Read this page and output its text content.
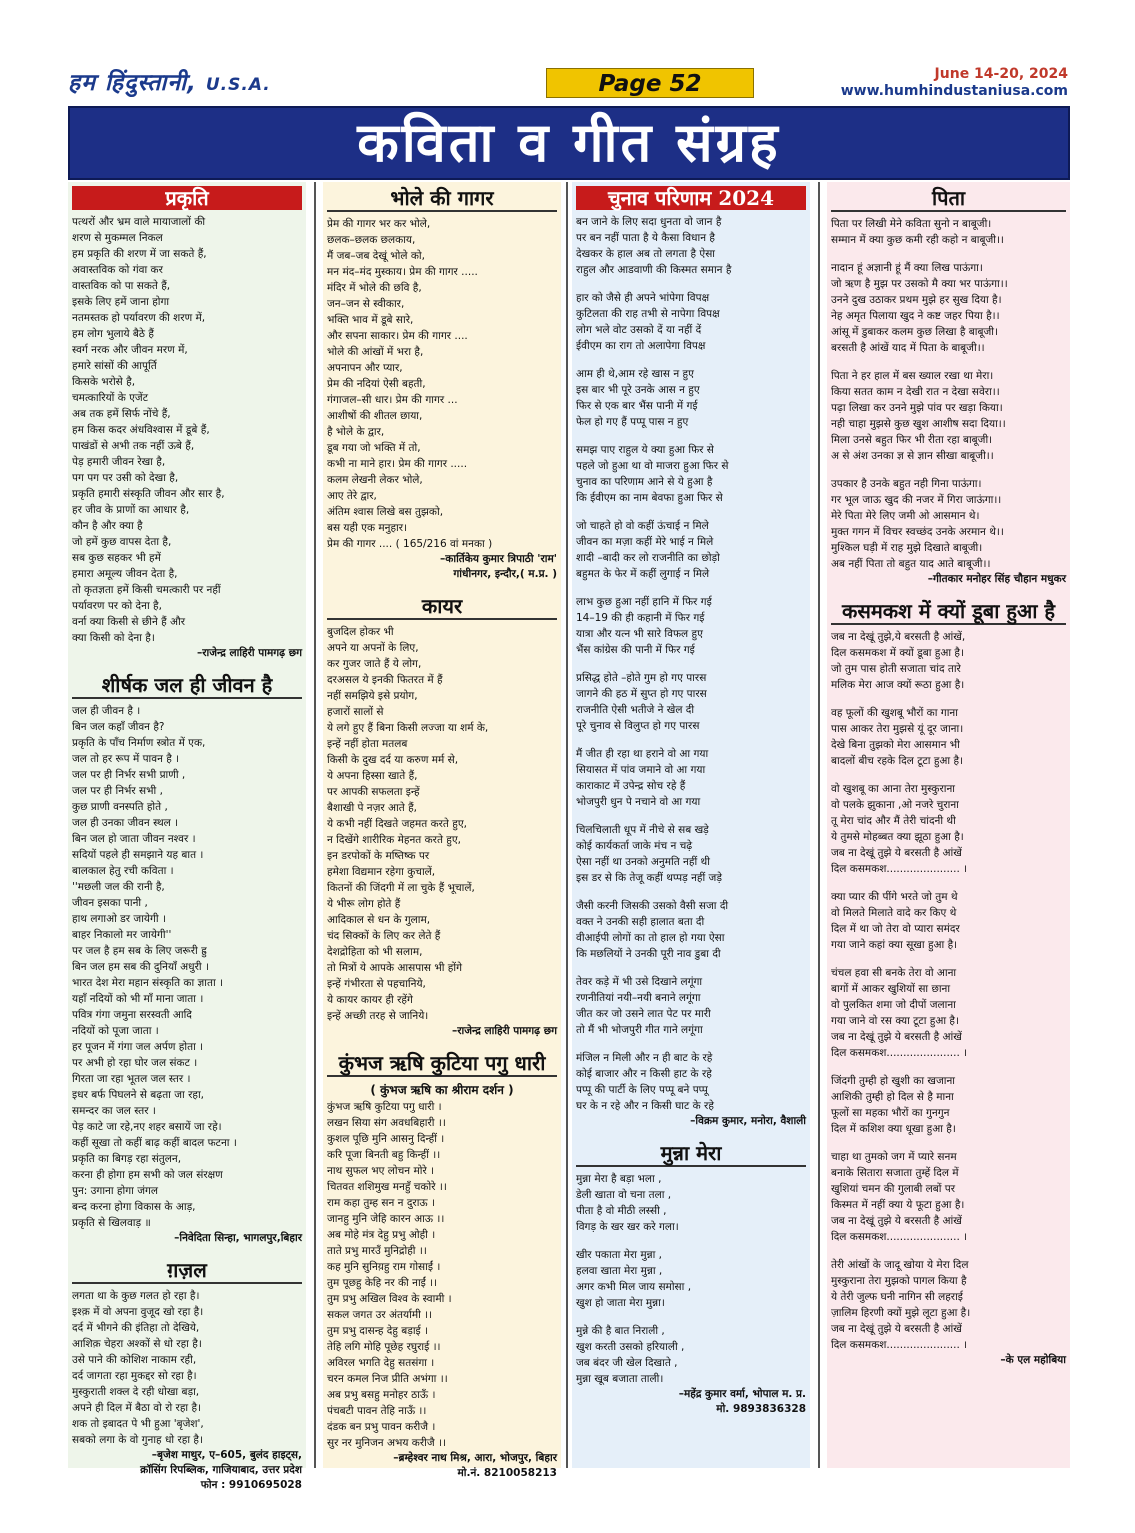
हम हिंदुस्तानी, U.S.A.	Page 52	June 14-20, 2024
www.humhindustaniusa.com
कविता व गीत संग्रह
प्रकृति
पत्थरों और भ्रम वाले मायाजालों की
शरण से मुकम्मल निकल
हम प्रकृति की शरण में जा सकते हैं,
अवास्तविक को गंवा कर
वास्तविक को पा सकते हैं,
इसके लिए हमें जाना होगा
नतमस्तक हो पर्यावरण की शरण में,
हम लोग भुलाये बैठे हैं
स्वर्ग नरक और जीवन मरण में,
हमारे सांसों की आपूर्ति
किसके भरोसे है,
चमत्कारियों के एजेंट
अब तक हमें सिर्फ नोंचे हैं,
हम किस कदर अंधविश्वास में डूबे हैं,
पाखंडों से अभी तक नहीं ऊबे हैं,
पेड़ हमारी जीवन रेखा है,
पग पग पर उसी को देखा है,
प्रकृति हमारी संस्कृति जीवन और सार है,
हर जीव के प्राणों का आधार है,
कौन है और क्या है
जो हमें कुछ वापस देता है,
सब कुछ सहकर भी हमें
हमारा अमूल्य जीवन देता है,
तो कृतज्ञता हमें किसी चमत्कारी पर नहीं
पर्यावरण पर को देना है,
वर्ना क्या किसी से छीने हैं और
क्या किसी को देना है।
–राजेन्द्र लाहिरी पामगढ़ छग
शीर्षक जल ही जीवन है
जल ही जीवन है ।
बिन जल कहाँ जीवन है?
प्रकृति के पाँच निर्माण स्त्रोत में एक,
जल तो हर रूप में पावन है ।
जल पर ही निर्भर सभी प्राणी ,
जल पर ही निर्भर सभी ,
कुछ प्राणी वनस्पति होते ,
जल ही उनका जीवन स्थल ।
बिन जल हो जाता जीवन नश्वर ।
सदियों पहले ही समझाने यह बात ।
बालकाल हेतु रची कविता ।
''मछली जल की रानी है,
जीवन इसका पानी ,
हाथ लगाओ डर जायेगी ।
बाहर निकालो मर जायेगी''
पर जल है हम सब के लिए जरूरी ह्रु
बिन जल हम सब की दुनियाँ अधुरी ।
भारत देश मेरा महान संस्कृति का ज्ञाता ।
यहाँ नदियों को भी माँ माना जाता ।
पवित्र गंगा जमुना सरस्वती आदि
नदियों को पूजा जाता ।
हर पूजन में गंगा जल अर्पण होता ।
पर अभी हो रहा घोर जल संकट ।
गिरता जा रहा भूतल जल स्तर ।
इधर बर्फ पिघलने से बढ़ता जा रहा,
समन्दर का जल स्तर ।
पेड़ काटे जा रहे,नए शहर बसायें जा रहे।
कहीं सूखा तो कहीं बाढ़ कहीं बादल फटना ।
प्रकृति का बिगड़ रहा संतुलन,
करना ही होगा हम सभी को जल संरक्षण
पुन: उगाना होगा जंगल
बन्द करना होगा विकास के आड़,
प्रकृति से खिलवाड़ ॥
–निवेदिता सिन्हा, भागलपुर,बिहार
ग़ज़ल
लगता था के कुछ गलत हो रहा है।
इश्क़ में वो अपना वुजूद खो रहा है।
दर्द में भीगने की इंतिहा तो देखिये,
आशिक़ चेहरा अश्कों से धो रहा है।
उसे पाने की कोशिश नाकाम रही,
दर्द जागता रहा मुकद्दर सो रहा है।
मुस्कुराती शक्ल दे रही धोखा बड़ा,
अपने ही दिल में बैठा वो रो रहा है।
शक तो इबादत पे भी हुआ 'बृजेश',
सबको लगा के वो गुनाह धो रहा है।
–बृजेश माथुर, ए–605, बुलंद हाइट्स,
क्रॉसिंग रिपब्लिक, गाजियाबाद, उत्तर प्रदेश
फोन : 9910695028
भोले की गागर
प्रेम की गागर भर कर भोले,
छलक–छलक छलकाय,
मैं जब–जब देखूं भोले को,
मन मंद–मंद मुस्काय। प्रेम की गागर .....
मंदिर में भोले की छवि है,
जन–जन से स्वीकार,
भक्ति भाव में डूबे सारे,
और सपना साकार। प्रेम की गागर ....
भोले की आंखों में भरा है,
अपनापन और प्यार,
प्रेम की नदियां ऐसी बहती,
गंगाजल–सी धार। प्रेम की गागर ...
आशीषों की शीतल छाया,
है भोले के द्वार,
डूब गया जो भक्ति में तो,
कभी ना माने हार। प्रेम की गागर .....
कलम लेखनी लेकर भोले,
आए तेरे द्वार,
अंतिम श्वास लिखे बस तुझको,
बस यही एक मनुहार।
प्रेम की गागर .... ( 165/216 वां मनका )
–कार्तिकेय कुमार त्रिपाठी 'राम'
गांधीनगर, इन्दौर,( म.प्र. )
कायर
बुजदिल होकर भी
अपने या अपनों के लिए,
कर गुजर जाते हैं ये लोग,
दरअसल ये इनकी फितरत में हैं
नहीं समझिये इसे प्रयोग,
हजारों सालों से
ये लगे हुए हैं बिना किसी लज्जा या शर्म के,
इन्हें नहीं होता मतलब
किसी के दुख दर्द या करुण मर्म से,
ये अपना हिस्सा खाते हैं,
पर आपकी सफलता इन्हें
बैशाखी पे नज़र आते हैं,
ये कभी नहीं दिखते जहमत करते हुए,
न दिखेंगे शारीरिक मेहनत करते हुए,
इन डरपोकों के मष्तिष्क पर
हमेशा विद्यमान रहेगा कुचालें,
कितनों की जिंदगी में ला चुके हैं भूचालें,
ये भीरू लोग होते हैं
आदिकाल से धन के गुलाम,
चंद सिक्कों के लिए कर लेते हैं
देशद्रोहिता को भी सलाम,
तो मित्रों ये आपके आसपास भी होंगे
इन्हें गंभीरता से पहचानिये,
ये कायर कायर ही रहेंगे
इन्हें अच्छी तरह से जानिये।
–राजेन्द्र लाहिरी पामगढ़ छग
कुंभज ऋषि कुटिया पगु धारी
( कुंभज ऋषि का श्रीराम दर्शन )
कुंभज ऋषि कुटिया पगु धारी ।
लखन सिया संग अवधबिहारी ।।
कुशल पूछि मुनि आसनु दिन्हीं ।
करि पूजा बिनती बहु किन्हीं ।।
नाथ सुफल भए लोचन मोरे ।
चितवत शशिमुख मनहुँ चकोरे ।।
राम कहा तुम्ह सन न दुराऊ ।
जानहु मुनि जेहि कारन आऊ ।।
अब मोहे मंत्र देहु प्रभु ओही ।
ताते प्रभु मारउँ मुनिद्रोही ।।
कह मुनि सुनिय़हु राम गोसाईं ।
तुम पूछहु केहि नर की नाईं ।।
तुम प्रभु अखिल विश्व के स्वामी ।
सकल जगत उर अंतर्यामी ।।
तुम प्रभु दासन्ह देहु बड़ाई ।
तेहि लगि मोहि पूछेह रघुराई ।।
अविरल भगति देहु सतसंगा ।
चरन कमल निज प्रीति अभंगा ।।
अब प्रभु बसहु मनोहर ठाऊँ ।
पंचबटी पावन तेहि नाऊँ ।।
दंडक बन प्रभु पावन करीजै ।
सुर नर मुनिजन अभय करीजै ।।
–ब्रम्हेश्वर नाथ मिश्र, आरा, भोजपुर, बिहार
मो.नं. 8210058213
चुनाव परिणाम 2024
बन जाने के लिए सदा धुनता वो जान है
पर बन नहीं पाता है ये कैसा विधान है
देखकर के हाल अब तो लगता है ऐसा
राहुल और आडवाणी की किस्मत समान है
हार को जैसे ही अपने भांपेगा विपक्ष
कुटिलता की राह तभी से नापेगा विपक्ष
लोग भले वोट उसको दें या नहीं दें
ईवीएम का राग तो अलापेगा विपक्ष
आम ही थे,आम रहे खास न हुए
इस बार भी पूरे उनके आस न हुए
फिर से एक बार भैंस पानी में गई
फेल हो गए हैं पप्पू पास न हुए
समझ पाए राहुल ये क्या हुआ फिर से
पहले जो हुआ था वो माजरा हुआ फिर से
चुनाव का परिणाम आने से ये हुआ है
कि ईवीएम का नाम बेवफा हुआ फिर से
जो चाहते हो वो कहीं ऊंचाई न मिले
जीवन का मज़ा कहीं मेरे भाई न मिले
शादी –बादी कर लो राजनीति का छोड़ो
बहुमत के फेर में कहीं लुगाई न मिले
लाभ कुछ हुआ नहीं हानि में फिर गई
14–19 की ही कहानी में फिर गई
यात्रा और यत्न भी सारे विफल हुए
भैंस कांग्रेस की पानी में फिर गई
प्रसिद्ध होते –होते गुम हो गए पारस
जागने की हठ में सुप्त हो गए पारस
राजनीति ऐसी भतीजे ने खेल दी
पूरे चुनाव से विलुप्त हो गए पारस
मैं जीत ही रहा था हराने वो आ गया
सियासत में पांव जमाने वो आ गया
काराकाट में उपेन्द्र सोच रहे हैं
भोजपुरी धुन पे नचाने वो आ गया
चिलचिलाती धूप में नीचे से सब खड़े
कोई कार्यकर्ता जाके मंच न चढ़े
ऐसा नहीं था उनको अनुमति नहीं थी
इस डर से कि तेजू कहीं थप्पड़ नहीं जड़े
जैसी करनी जिसकी उसको वैसी सजा दी
वक्त ने उनकी सही हालात बता दी
वीआईपी लोगों का तो हाल हो गया ऐसा
कि मछलियों ने उनकी पूरी नाव डुबा दी
तेवर कड़े में भी उसे दिखाने लगूंगा
रणनीतियां नयी–नयी बनाने लगूंगा
जीत कर जो उसने लात पेट पर मारी
तो मैं भी भोजपुरी गीत गाने लगूंगा
मंजिल न मिली और न ही बाट के रहे
कोई बाजार और न किसी हाट के रहे
पप्पू की पार्टी के लिए पप्पू बने पप्पू
घर के न रहे और न किसी घाट के रहे
–विक्रम कुमार, मनोरा, वैशाली
मुन्ना मेरा
मुन्ना मेरा है बड़ा भला ,
डेली खाता वो चना तला ,
पीता है वो मीठी लस्सी ,
विगड़ के खर खर करे गला।
खीर पकाता मेरा मुन्ना ,
हलवा खाता मेरा मुन्ना ,
अगर कभी मिल जाय समोसा ,
खुश हो जाता मेरा मुन्ना।
मुन्ने की है बात निराली ,
खुश करती उसको हरियाली ,
जब बंदर जी खेल दिखाते ,
मुन्ना खूब बजाता ताली।
–महेंद्र कुमार वर्मा, भोपाल म. प्र.
मो. 9893836328
पिता
पिता पर लिखी मेने कविता सुनो न बाबूजी।
सम्मान में क्या कुछ कमी रही कहो न बाबूजी।।
नादान हूं अज्ञानी हूं मैं क्या लिख पाऊंगा।
जो ऋण है मुझ पर उसको मै क्या भर पाऊंगा।।
उनने दुख उठाकर प्रथम मुझे हर सुख दिया है।
नेह अमृत पिलाया खुद ने कष्ट जहर पिया है।।
आंसू में डुबाकर कलम कुछ लिखा है बाबूजी।
बरसती है आंखें याद में पिता के बाबूजी।।
पिता ने हर हाल में बस ख्याल रखा था मेरा।
किया सतत काम न देखी रात न देखा सवेरा।।
पढ़ा लिखा कर उनने मुझे पांव पर खड़ा किया।
नही चाहा मुझसे कुछ खुश आशीष सदा दिया।।
मिला उनसे बहुत फिर भी रीता रहा बाबूजी।
अ से अंश उनका ज्ञ से ज्ञान सीखा बाबूजी।।
उपकार है उनके बहुत नही गिना पाऊंगा।
गर भूल जाऊ खुद की नजर में गिरा जाऊंगा।।
मेरे पिता मेरे लिए जमी ओ आसमान थे।
मुक्त गगन में विचर स्वच्छंद उनके अरमान थे।।
मुश्किल घड़ी में राह मुझे दिखाते बाबूजी।
अब नहीं पिता तो बहुत याद आते बाबूजी।।
–गीतकार मनोहर सिंह चौहान मधुकर
कसमकश में क्यों डूबा हुआ है
जब ना देखूं तुझे,ये बरसती है आंखें,
दिल कसमकश में क्यों डूबा हुआ है।
जो तुम पास होती सजाता चांद तारे
मलिक मेरा आज क्यों रूठा हुआ है।
वह फूलों की खुशबू भौरों का गाना
पास आकर तेरा मुझसे यूं दूर जाना।
देखे बिना तुझको मेरा आसमान भी
बादलों बीच रहके दिल टूटा हुआ है।
वो खुशबू का आना तेरा मुस्कुराना
वो पलके झुकाना ,ओ नजरे चुराना
तू मेरा चांद और मैं तेरी चांदनी थी
ये तुमसे मोहब्बत क्या झूठा हुआ है।
जब ना देखूं तुझे ये बरसती है आंखें
दिल कसमकश...................... ।
क्या प्यार की पींगे भरते जो तुम थे
वो मिलते मिलाते वादे कर किए थे
दिल में था जो तेरा वो प्यारा समंदर
गया जाने कहां क्या सूखा हुआ है।
चंचल हवा सी बनके तेरा वो आना
बागों में आकर खुशियों सा छाना
वो पुलकित शमा जो दीपों जलाना
गया जाने वो रस क्या टूटा हुआ है।
जब ना देखूं तुझे ये बरसती है आंखें
दिल कसमकश...................... ।
जिंदगी तुम्ही हो खुशी का खजाना
आशिकी तुम्ही हो दिल से है माना
फूलों सा महका भौरों का गुनगुन
दिल में कशिश क्या धूखा हुआ है।
चाहा था तुमको जग में प्यारे सनम
बनाके सितारा सजाता तुम्हें दिल में
खुशियां चमन की गुलाबी लबों पर
किस्मत में नहीं क्या ये फूटा हुआ है।
जब ना देखूं तुझे ये बरसती है आंखें
दिल कसमकश...................... ।
तेरी आंखों के जादू खोया ये मेरा दिल
मुस्कुराना तेरा मुझको पागल किया है
ये तेरी जुल्फ घनी नागिन सी लहराई
ज़ालिम हिरणी क्यों मुझे लूटा हुआ है।
जब ना देखूं तुझे ये बरसती है आंखें
दिल कसमकश...................... ।
–के एल महोबिया
